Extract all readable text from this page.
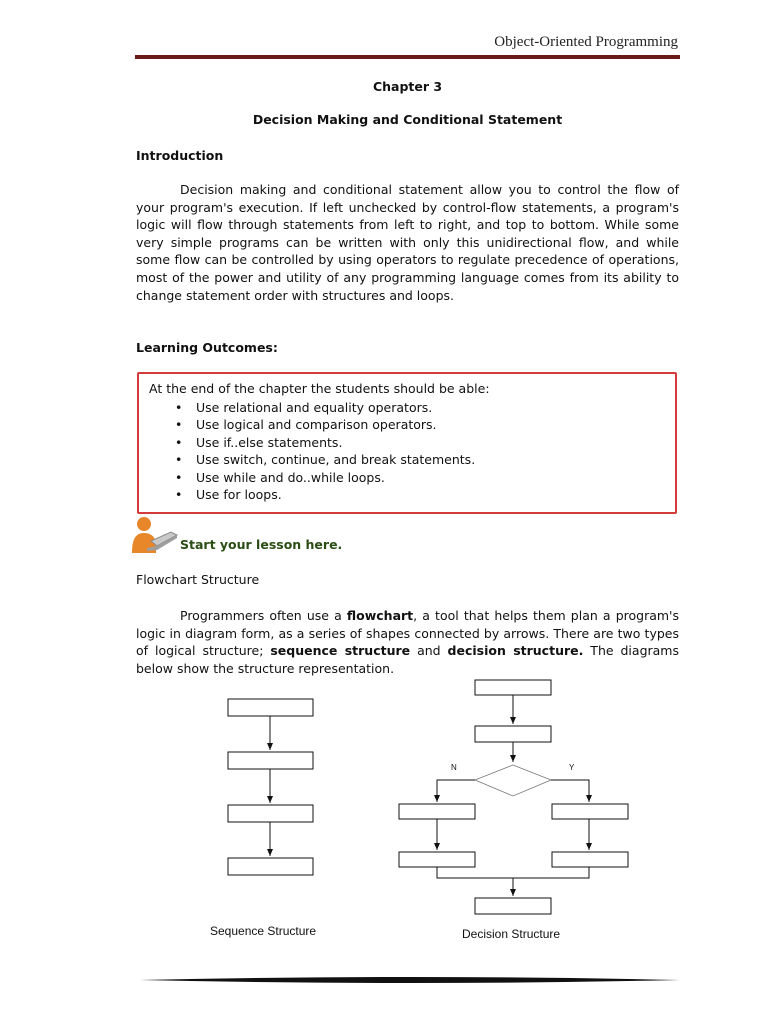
Object-Oriented Programming
Chapter 3
Decision Making and Conditional Statement
Introduction
Decision making and conditional statement allow you to control the flow of your program's execution. If left unchecked by control-flow statements, a program's logic will flow through statements from left to right, and top to bottom. While some very simple programs can be written with only this unidirectional flow, and while some flow can be controlled by using operators to regulate precedence of operations, most of the power and utility of any programming language comes from its ability to change statement order with structures and loops.
Learning Outcomes:
At the end of the chapter the students should be able:
• Use relational and equality operators.
• Use logical and comparison operators.
• Use if..else statements.
• Use switch, continue, and break statements.
• Use while and do..while loops.
• Use for loops.
Start your lesson here.
Flowchart Structure
Programmers often use a flowchart, a tool that helps them plan a program's logic in diagram form, as a series of shapes connected by arrows. There are two types of logical structure; sequence structure and decision structure. The diagrams below show the structure representation.
N	Y
Sequence Structure	Decision Structure
